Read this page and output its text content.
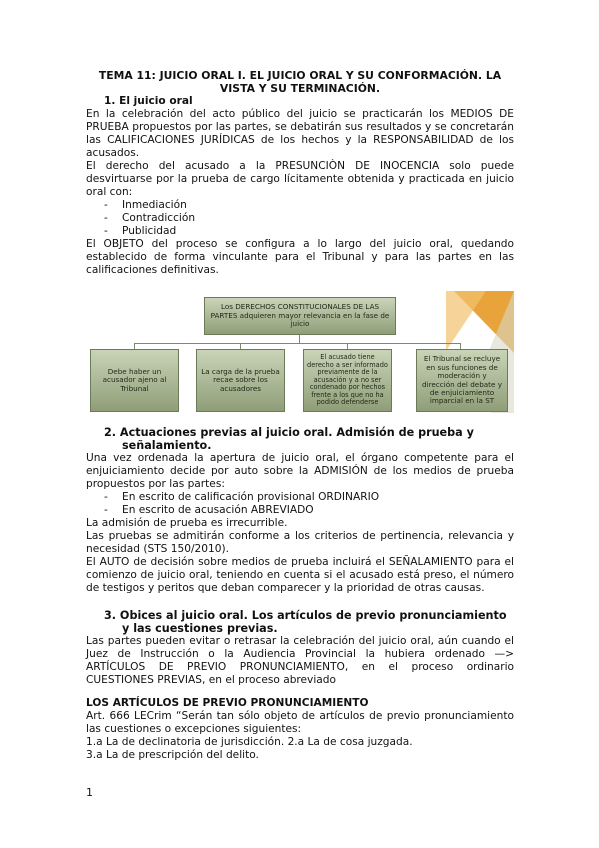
TEMA 11: JUICIO ORAL I. EL JUICIO ORAL Y SU CONFORMACIÓN. LA VISTA Y SU TERMINACIÓN.

1. El juicio oral

En la celebración del acto público del juicio se practicarán los MEDIOS DE PRUEBA propuestos por las partes, se debatirán sus resultados y se concretarán las CALIFICACIONES JURÍDICAS de los hechos y la RESPONSABILIDAD de los acusados.

El derecho del acusado a la PRESUNCIÒN DE INOCENCIA solo puede desvirtuarse por la prueba de cargo lícitamente obtenida y practicada en juicio oral con:

- Inmediación
- Contradicción
- Publicidad

El OBJETO del proceso se configura a lo largo del juicio oral, quedando establecido de forma vinculante para el Tribunal y para las partes en las calificaciones definitivas.

Los DERECHOS CONSTITUCIONALES DE LAS PARTES adquieren mayor relevancia en la fase de juicio
Debe haber un acusador ajeno al Tribunal
La carga de la prueba recae sobre los acusadores
El acusado tiene derecho a ser informado previamente de la acusación y a no ser condenado por hechos frente a los que no ha podido defenderse
El Tribunal se recluye en sus funciones de moderación y dirección del debate y de enjuiciamiento imparcial en la ST

2. Actuaciones previas al juicio oral. Admisión de prueba y
señalamiento.

Una vez ordenada la apertura de juicio oral, el órgano competente para el enjuiciamiento decide por auto sobre la ADMISIÓN de los medios de prueba propuestos por las partes:

- En escrito de calificación provisional ORDINARIO
- En escrito de acusación ABREVIADO

La admisión de prueba es irrecurrible.

Las pruebas se admitirán conforme a los criterios de pertinencia, relevancia y necesidad (STS 150/2010).

El AUTO de decisión sobre medios de prueba incluirá el SEÑALAMIENTO para el comienzo de juicio oral, teniendo en cuenta si el acusado está preso, el número de testigos y peritos que deban comparecer y la prioridad de otras causas.

3. Obices al juicio oral. Los artículos de previo pronunciamiento
y las cuestiones previas.

Las partes pueden evitar o retrasar la celebración del juicio oral, aún cuando el Juez de Instrucción o la Audiencia Provincial la hubiera ordenado —> ARTÍCULOS DE PREVIO PRONUNCIAMIENTO, en el proceso ordinario CUESTIONES PREVIAS, en el proceso abreviado

LOS ARTÍCULOS DE PREVIO PRONUNCIAMIENTO

Art. 666 LECrim “Serán tan sólo objeto de artículos de previo pronunciamiento las cuestiones o excepciones siguientes:

1.a La de declinatoria de jurisdicción. 2.a La de cosa juzgada.

3.a La de prescripción del delito.

1
